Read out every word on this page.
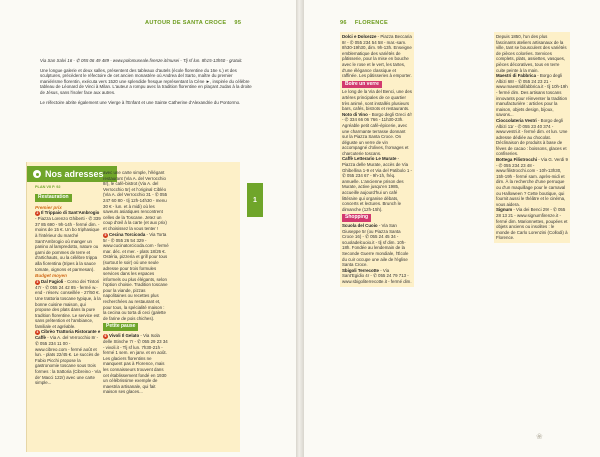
AUTOUR DE SANTA CROCE 95

Via San Salvi 16 - ✆ 055 06 49 489 - www.polomuseale.firenze.it/musei - Tlj sf lun. 8h15-13h50 - gratuit.

Une longue galerie et deux salles, présentent des tableaux d'autels (école florentine du 16e s.) et des sculptures, précèdent le réfectoire de cet ancien monastère où Andrea del Sarto, maître du premier maniérisme florentin, exécuta vers 1520 une splendide fresque représentant la Cène ►, inspirée du célèbre tableau de Léonard de Vinci à Milan. L'auteur a rompu avec la tradition florentine en plaçant Judas à la droite de Jésus, sans l'isoler face aux autres.

Le réfectoire abrite également une Vierge à l'Enfant et une Sainte Catherine d'Alexandrie du Pontormo.

1
Nos adresses
PLAN VII P. 92
Restauration
Premier prix
2 Il Trippaio di Sant'Ambrogio - Piazza Lorenzo Ghiberti - ✆ 339 37 85 690 - 9h-14h - fermé dim. - moins de 15 €. Un bo triphasique à l'intérieur du marché Sant'Ambrogio où manger un panino al lampredotto, nature ou garni de pommes de terre et d'artichauts, ou la célèbre trippa alla fiorentina (tripes à la sauce tomate, oignons et parmesan).
Budget moyen
3 Dal Fagioli - Corso dei Tintori 47r - ✆ 055 24 42 85 - fermé w.-end - réserv. conseillée - 27/50 €. Une trattoria toscane typique, à la bonne cuisine maison, qui propose des plats dans la pure tradition florentine. Le service est sans prétention et l'ambiance, familiale et agréable.
4 Cibrèo Trattoria Ristorante e Caffè - Via A. del Verrocchio 8r - ✆ 055 234 11 00 - www.cibreo.com - fermé août et lun. - plats 22/45 €. Le succès de Fabio Picchi propose la gastronomie toscane sous trois formes : la trattoria (Cibreino - Via de' Macci 122r) avec une carte simple...
avec une carte simple, l'élégant restaurant (Via A. del Verrocchio 8r), le café-bistrot (Via A. del Verrocchio 5r) et l'original Ciblèo (Via A. del Verrocchio 31 - ✆ 055 247 60 80 - tlj 12h-14h30 - menu 30 € - lun. et à midi) où les saveurs asiatiques rencontrent celles de la Toscane. Jetez un coup d'œil à la carte (et aux prix) et choisissez la vous tenter !
5 Cecina Torcicoda - Via Torta 5r - ✆ 055 26 54 329 - www.cucinatorcicoda.com - fermé mar. déc. et mer. - plats 18/26 €. Ostéria, pizzeria et grill pour tous (surtout le soir) où une seule adresse pour trois formules services dans les espaces informels ou plus élégants, selon l'option choisie. Tradition toscane pour la viande, pizzas napolitaines ou recettes plus recherchées au restaurant et, pour tous, la spécialité maison : la cecina ou torta di ceci (galette de farine de pois chiches).
Petite pause
6 Vivoli Il Gelato - Via Isola delle Stinche 7r - ✆ 055 29 23 34 - vivoli.it - Tlj sf lun. 7h30-21h - fermé 1 sem. en janv. et en août. Les glaciers florentins ne manquent pas à Florence, mais les connaisseurs trouvent dans cet établissement fondé en 1930 un célébrissime exemple de maestria artisanale, qui fait maison ses glaces...
96 FLORENCE
Dolci e Dolcezze - Piazza Beccaria 8r - ✆ 055 234 54 58 - mar.-sam. 8h30-19h30, dim. 9h-13h. Enseigne emblematique des variétés de pâtisserie, pour la mise en bouche avec le rose et le vert, les tartes, d'une élégance classique et raffinée. Les pâtisseries à emporter.
Boire un verre
Le long de la Via del Benci, une des artères principales de ce quartier très animé, sont installés plusieurs bars, cafés, bistrots et restaurants.
Noto di Vino - Borgo degli Greci 4/r - ✆ 334 66 06 766 - 11h30-23h. Agréable petit café-épicerie, avec une charmante terrasse donnant sur la Piazza Santa Croce. On déguste un verre de vin accompagné d'olives, fromages et charcuterie toscans.
Caffè Letterario Le Murate - Piazza delle Murate, accès de Via Ghibellina 1-9 et Via del Patibolo 1 - ✆ 055 234 67 - 9h-1h, fréq. annuelle. L'ancienne prison des Murate, active jusqu'en 1985, accueille aujourd'hui un café littéraire qui organise débats, concerts et lectures. Brunch le dimanche (12h-15h).
Shopping
Scuola del Cuoio - Via San Giuseppe 5r (ou Piazza Santa Croce 16) - ✆ 055 24 45 34 - scuoladelcuoio.it - tlj sf dim. 10h-18h. Fondée au lendemain de la Seconde Guerre mondiale, l'École du cuir occupe une aile de l'église Santa Croce.
Sbigoli Terrecotte - Via Sant'Egidio 4r - ✆ 055 24 79 713 - www.sbigoliterrecotte.it - fermé dim.
Depuis 1850, l'un des plus fascinants ateliers artisanaux de la ville, tant se bousculent des variétés de pièces colorées. Services complets, plats, assiettes, vasques, pièces décoratives, tous en terre cuite peinte à la main.
Maestri di Fabbrica - Borgo degli Albizi 68r - ✆ 055 24 23 21 - www.maestridifabbrica.it - tlj 10h-19h - fermé dim. Des artisans toscans innovants pour réinventer la tradition manufacturière : articles pour la maison, objets design, bijoux, savons...
Cioccolateria Vestri - Borgo degli Albizi 11r - ✆ 055 23 40 374 - www.vestri.it - fermé dim. et lun. Une adresse dédiée au chocolat. Déclinaison de produits à base de fèves de cacao : boissons, glaces et confiseries.
Bottega Filistrocchi - Via G. Verdi 9 - ✆ 055 234 23 48 - www.filistrocchi.com - 10h-13h30, 15h-19h - fermé sam. après-midi et dim. À la recherche d'une perruque ou d'un maquillage pour le carnaval ou Halloween ? Cette boutique, qui fournit aussi le théâtre et le cinéma, vous aidera.
Signum - Via dei Benci 29r - ✆ 055 28 13 21 - www.signumfirenze.it - fermé dim. Marionnettes, poupées et objets anciens ou insolites : le monde de Carlo Lorenzini (Collodi) à Florence.
❀
